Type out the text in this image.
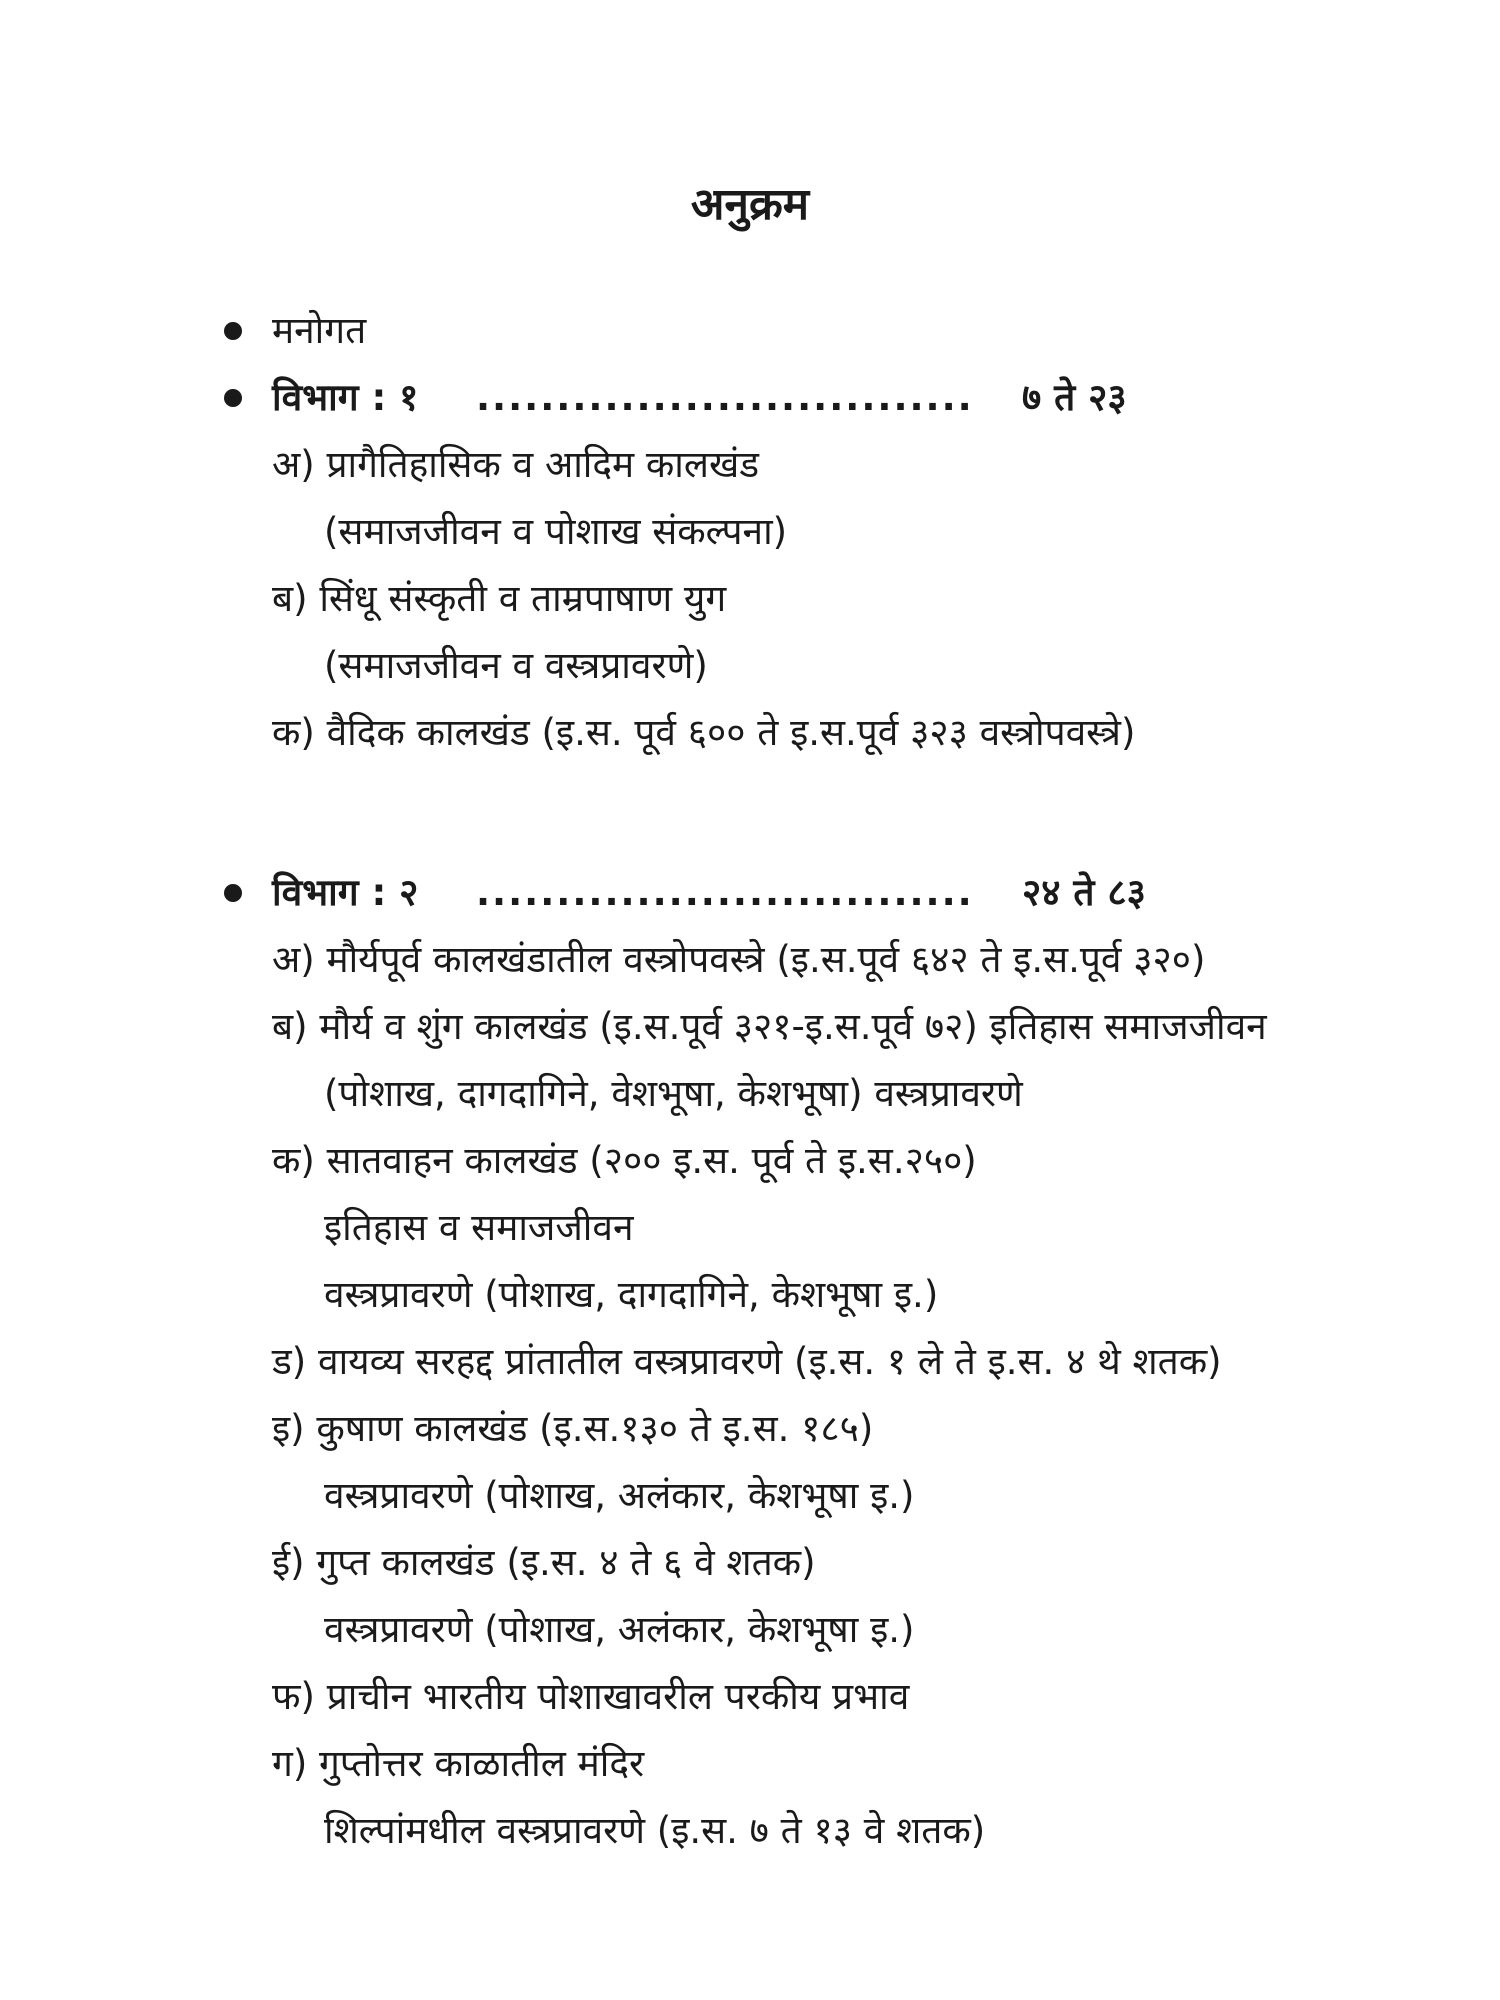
अनुक्रम
मनोगत
विभाग : १ ............................... ७ ते २३
अ) प्रागैतिहासिक व आदिम कालखंड
(समाजजीवन व पोशाख संकल्पना)
ब) सिंधू संस्कृती व ताम्रपाषाण युग
(समाजजीवन व वस्त्रप्रावरणे)
क) वैदिक कालखंड (इ.स. पूर्व ६०० ते इ.स.पूर्व ३२३ वस्त्रोपवस्त्रे)
विभाग : २ ............................... २४ ते ८३
अ) मौर्यपूर्व कालखंडातील वस्त्रोपवस्त्रे (इ.स.पूर्व ६४२ ते इ.स.पूर्व ३२०)
ब) मौर्य व शुंग कालखंड (इ.स.पूर्व ३२१-इ.स.पूर्व ७२) इतिहास समाजजीवन
(पोशाख, दागदागिने, वेशभूषा, केशभूषा) वस्त्रप्रावरणे
क) सातवाहन कालखंड (२०० इ.स. पूर्व ते इ.स.२५०)
इतिहास व समाजजीवन
वस्त्रप्रावरणे (पोशाख, दागदागिने, केशभूषा इ.)
ड) वायव्य सरहद्द प्रांतातील वस्त्रप्रावरणे (इ.स. १ ले ते इ.स. ४ थे शतक)
इ) कुषाण कालखंड (इ.स.१३० ते इ.स. १८५)
वस्त्रप्रावरणे (पोशाख, अलंकार, केशभूषा इ.)
ई) गुप्त कालखंड (इ.स. ४ ते ६ वे शतक)
वस्त्रप्रावरणे (पोशाख, अलंकार, केशभूषा इ.)
फ) प्राचीन भारतीय पोशाखावरील परकीय प्रभाव
ग) गुप्तोत्तर काळातील मंदिर
शिल्पांमधील वस्त्रप्रावरणे (इ.स. ७ ते १३ वे शतक)
